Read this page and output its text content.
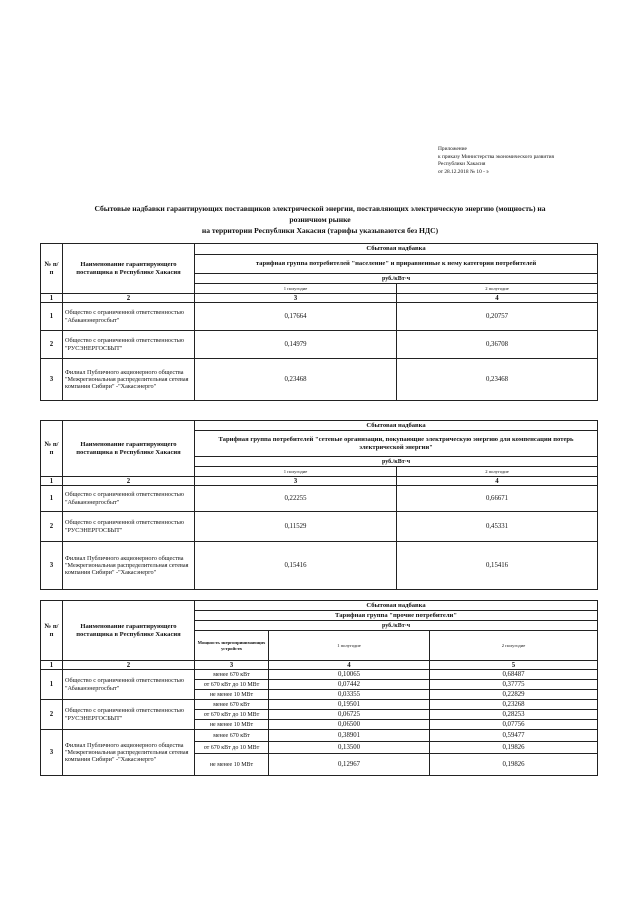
Приложение
к приказу Министерства экономического развития
Республики Хакасия
от 28.12.2018 № 10 - э
Сбытовые надбавки гарантирующих поставщиков электрической энергии, поставляющих электрическую энергию (мощность) на
розничном рынке
на территории Республики Хакасия (тарифы указываются без НДС)
№ п/п	Наименование гарантирующего поставщика в Республике Хакасия	Сбытовая надбавка	
		тарифная группа потребителей "население" и приравненные к нему категории потребителей	
		руб./кВт·ч	
		1 полугодие	2 полугодие
1	2	3	4
1	Общество с ограниченной ответственностью "Абаканэнергосбыт"	0,17664	0,20757
2	Общество с ограниченной ответственностью "РУСЭНЕРГОСБЫТ"	0,14979	0,36708
3	Филиал Публичного акционерного общества "Межрегиональная распределительная сетевая компания Сибири" -"Хакасэнерго"	0,23468	0,23468
№ п/п	Наименование гарантирующего поставщика в Республике Хакасия	Сбытовая надбавка	
		Тарифная группа потребителей "сетевые организации, покупающие электрическую энергию для компенсации потерь электрической энергии"	
		руб./кВт·ч	
		1 полугодие	2 полугодие
1	2	3	4
1	Общество с ограниченной ответственностью "Абаканэнергосбыт"	0,22255	0,66671
2	Общество с ограниченной ответственностью "РУСЭНЕРГОСБЫТ"	0,11529	0,45331
3	Филиал Публичного акционерного общества "Межрегиональная распределительная сетевая компания Сибири" -"Хакасэнерго"	0,15416	0,15416
№ п/п	Наименование гарантирующего поставщика в Республике Хакасия	Сбытовая надбавка		
		Тарифная группа "прочие потребители"		
		руб./кВт·ч		
		Мощность энергопринимающих устройств	1 полугодие	2 полугодие
1	2	3	4	5
1	Общество с ограниченной ответственностью "Абаканэнергосбыт"	менее 670 кВт	0,10065	0,68487
		от 670 кВт до 10 МВт	0,07442	0,37775
		не менее 10 МВт	0,03355	0,22829
2	Общество с ограниченной ответственностью "РУСЭНЕРГОСБЫТ"	менее 670 кВт	0,19501	0,23268
		от 670 кВт до 10 МВт	0,06725	0,28253
		не менее 10 МВт	0,06500	0,07756
3	Филиал Публичного акционерного общества "Межрегиональная распределительная сетевая компания Сибири" -"Хакасэнерго"	менее 670 кВт	0,38901	0,59477
		от 670 кВт до 10 МВт	0,13500	0,19826
		не менее 10 МВт	0,12967	0,19826
